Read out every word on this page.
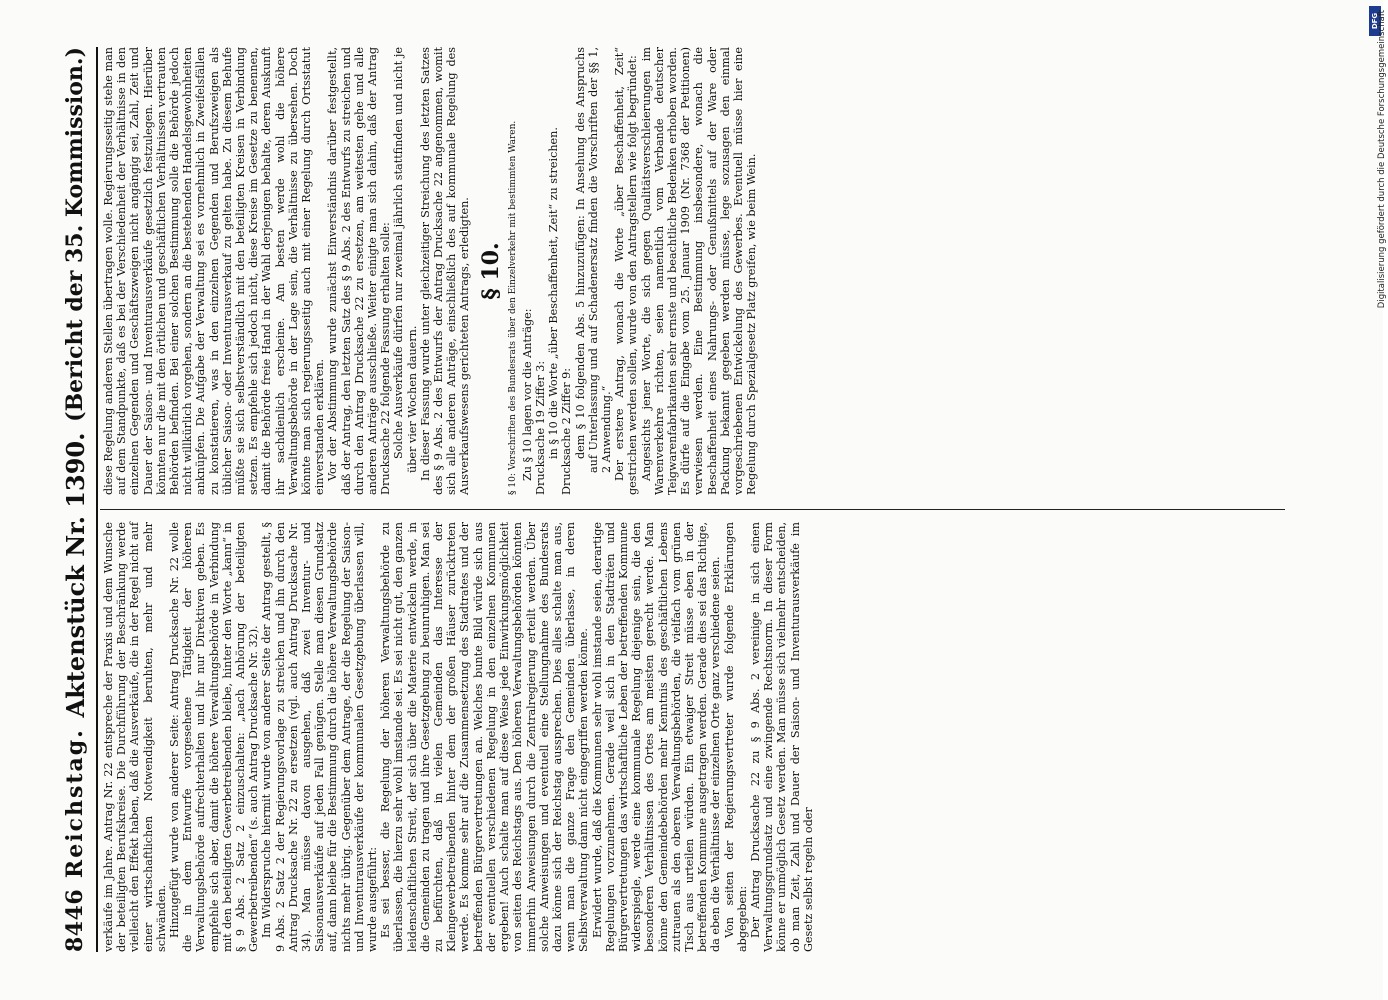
8446
Reichstag.
Aktenstück Nr. 1390.
(Bericht der 35. Kommission.)

verkäufe im Jahre. Antrag Nr. 22 entspreche der Praxis und dem Wunsche der beteiligten Berufskreise. Die Durchführung der Beschränkung werde vielleicht den Effekt haben, daß die Ausverkäufe, die in der Regel nicht auf einer wirtschaftlichen Notwendigkeit beruhten, mehr und mehr schwänden. Hinzugefügt wurde von anderer Seite: Antrag Drucksache Nr. 22 wolle die in dem Entwurfe vorgesehene Tätigkeit der höheren Verwaltungsbehörde aufrechterhalten und ihr nur Direktiven geben. Es empfehle sich aber, damit die höhere Verwaltungsbehörde in Verbindung mit den beteiligten Gewerbetreibenden bleibe, hinter den Worte „kann“ in § 9 Abs. 2 Satz 2 einzuschalten: „nach Anhörung der beteiligten Gewerbetreibenden“ (s. auch Antrag Drucksache Nr. 32). Im Widerspruche hiermit wurde von anderer Seite der Antrag gestellt, § 9 Abs. 2 Satz 2 der Regierungsvorlage zu streichen und ihn durch den Antrag Drucksache Nr. 22 zu ersetzen (vgl. auch Antrag Drucksache Nr. 34). Man müsse davon ausgehen, daß zwei Inventur- und Saisonausverkäufe auf jeden Fall genügen. Stelle man diesen Grundsatz auf, dann bleibe für die Bestimmung durch die höhere Verwaltungsbehörde nichts mehr übrig. Gegenüber dem Antrage, der die Regelung der Saison- und Inventurausverkäufe der kommunalen Gesetzgebung überlassen will, wurde ausgeführt: Es sei besser, die Regelung der höheren Verwaltungsbehörde zu überlassen, die hierzu sehr wohl imstande sei. Es sei nicht gut, den ganzen leidenschaftlichen Streit, der sich über die Materie entwickeln werde, in die Gemeinden zu tragen und ihre Gesetzgebung zu beunruhigen. Man sei zu befürchten, daß in vielen Gemeinden das Interesse der Kleingewerbetreibenden hinter dem der großen Häuser zurücktreten werde. Es komme sehr auf die Zusammensetzung des Stadtrates und der betreffenden Bürgervertretungen an. Welches bunte Bild würde sich aus der eventuellen verschiedenen Regelung in den einzelnen Kommunen ergeben! Auch schalte man auf diese Weise jede Einwirkungsmöglichkeit von seiten des Reichstags aus. Den höheren Verwaltungsbehörden könnten immerhin Anweisungen durch die Zentralregierung erteilt werden. Über solche Anweisungen und eventuell eine Stellungnahme des Bundesrats dazu könne sich der Reichstag aussprechen. Dies alles schalte man aus, wenn man die ganze Frage den Gemeinden überlasse, in deren Selbstverwaltung dann nicht eingegriffen werden könne. Erwidert wurde, daß die Kommunen sehr wohl imstande seien, derartige Regelungen vorzunehmen. Gerade weil sich in den Stadträten und Bürgervertretungen das wirtschaftliche Leben der betreffenden Kommune widerspiegle, werde eine kommunale Regelung diejenige sein, die den besonderen Verhältnissen des Ortes am meisten gerecht werde. Man könne den Gemeindebehörden mehr Kenntnis des geschäftlichen Lebens zutrauen als den oberen Verwaltungsbehörden, die vielfach vom grünen Tisch aus urteilen würden. Ein etwaiger Streit müsse eben in der betreffenden Kommune ausgetragen werden. Gerade dies sei das Richtige, da eben die Verhältnisse der einzelnen Orte ganz verschiedene seien. Von seiten der Regierungsvertreter wurde folgende Erklärungen abgegeben: Der Antrag Drucksache 22 zu § 9 Abs. 2 vereinige in sich einen Verwaltungsgrundsatz und eine zwingende Rechtsnorm. In dieser Form könne er unmöglich Gesetz werden. Man müsse sich vielmehr entscheiden, ob man Zeit, Zahl und Dauer der Saison- und Inventurausverkäufe im Gesetz selbst regeln oder

diese Regelung anderen Stellen übertragen wolle. Regierungsseitig stehe man auf dem Standpunkte, daß es bei der Verschiedenheit der Verhältnisse in den einzelnen Gegenden und Geschäftszweigen nicht angängig sei, Zahl, Zeit und Dauer der Saison- und Inventurausverkäufe gesetzlich festzulegen. Hierüber könnten nur die mit den örtlichen und geschäftlichen Verhältnissen vertrauten Behörden befinden. Bei einer solchen Bestimmung solle die Behörde jedoch nicht willkürlich vorgehen, sondern an die bestehenden Handelsgewohnheiten anknüpfen. Die Aufgabe der Verwaltung sei es vornehmlich in Zweifelsfällen zu konstatieren, was in den einzelnen Gegenden und Berufszweigen als üblicher Saison- oder Inventurausverkauf zu gelten habe. Zu diesem Behufe müßte sie sich selbstverständlich mit den beteiligten Kreisen in Verbindung setzen. Es empfehle sich jedoch nicht, diese Kreise im Gesetze zu benennen, damit die Behörde freie Hand in der Wahl derjenigen behalte, deren Auskunft ihr sachdienlich erscheine. Am besten werde wohl die höhere Verwaltungsbehörde in der Lage sein, die Verhältnisse zu übersehen. Doch könnte man sich regierungsseitig auch mit einer Regelung durch Ortsstatut einverstanden erklären. Vor der Abstimmung wurde zunächst Einverständnis darüber festgestellt, daß der Antrag, den letzten Satz des § 9 Abs. 2 des Entwurfs zu streichen und durch den Antrag Drucksache 22 zu ersetzen, am weitesten gehe und alle anderen Anträge ausschließe. Weiter einigte man sich dahin, daß der Antrag Drucksache 22 folgende Fassung erhalten solle: Solche Ausverkäufe dürfen nur zweimal jährlich stattfinden und nicht je über vier Wochen dauern. In dieser Fassung wurde unter gleichzeitiger Streichung des letzten Satzes des § 9 Abs. 2 des Entwurfs der Antrag Drucksache 22 angenommen, womit sich alle anderen Anträge, einschließlich des auf kommunale Regelung des Ausverkaufswesens gerichteten Antrags, erledigten. § 10. § 10: Vorschriften des Bundesrats über den Einzelverkehr mit bestimmten Waren. Zu § 10 lagen vor die Anträge: Drucksache 19 Ziffer 3: in § 10 die Worte „über Beschaffenheit, Zeit“ zu streichen. Drucksache 2 Ziffer 9: dem § 10 folgenden Abs. 5 hinzuzufügen: In Ansehung des Anspruchs auf Unterlassung und auf Schadenersatz finden die Vorschriften der §§ 1, 2 Anwendung.“ Der erstere Antrag, wonach die Worte „über Beschaffenheit, Zeit“ gestrichen werden sollen, wurde von den Antragstellern wie folgt begründet: Angesichts jener Worte, die sich gegen Qualitätsverschleierungen im Warenverkehre richten, seien namentlich vom Verbande deutscher Teigwarenfabrikanten sehr ernste und beachtliche Bedenken erhoben worden. Es dürfe auf die Eingabe vom 25. Januar 1909 (Nr. 7368 der Petitionen) verwiesen werden. Eine Bestimmung insbesondere, wonach die Beschaffenheit eines Nahrungs- oder Genußmittels auf der Ware oder Packung bekannt gegeben werden müsse, lege sozusagen den einmal vorgeschriebenen Entwickelung des Gewerbes. Eventuell müsse hier eine Regelung durch Spezialgesetz Platz greifen, wie beim Wein.

DFG
Digitalisierung gefördert durch die Deutsche Forschungsgemeinschaft
